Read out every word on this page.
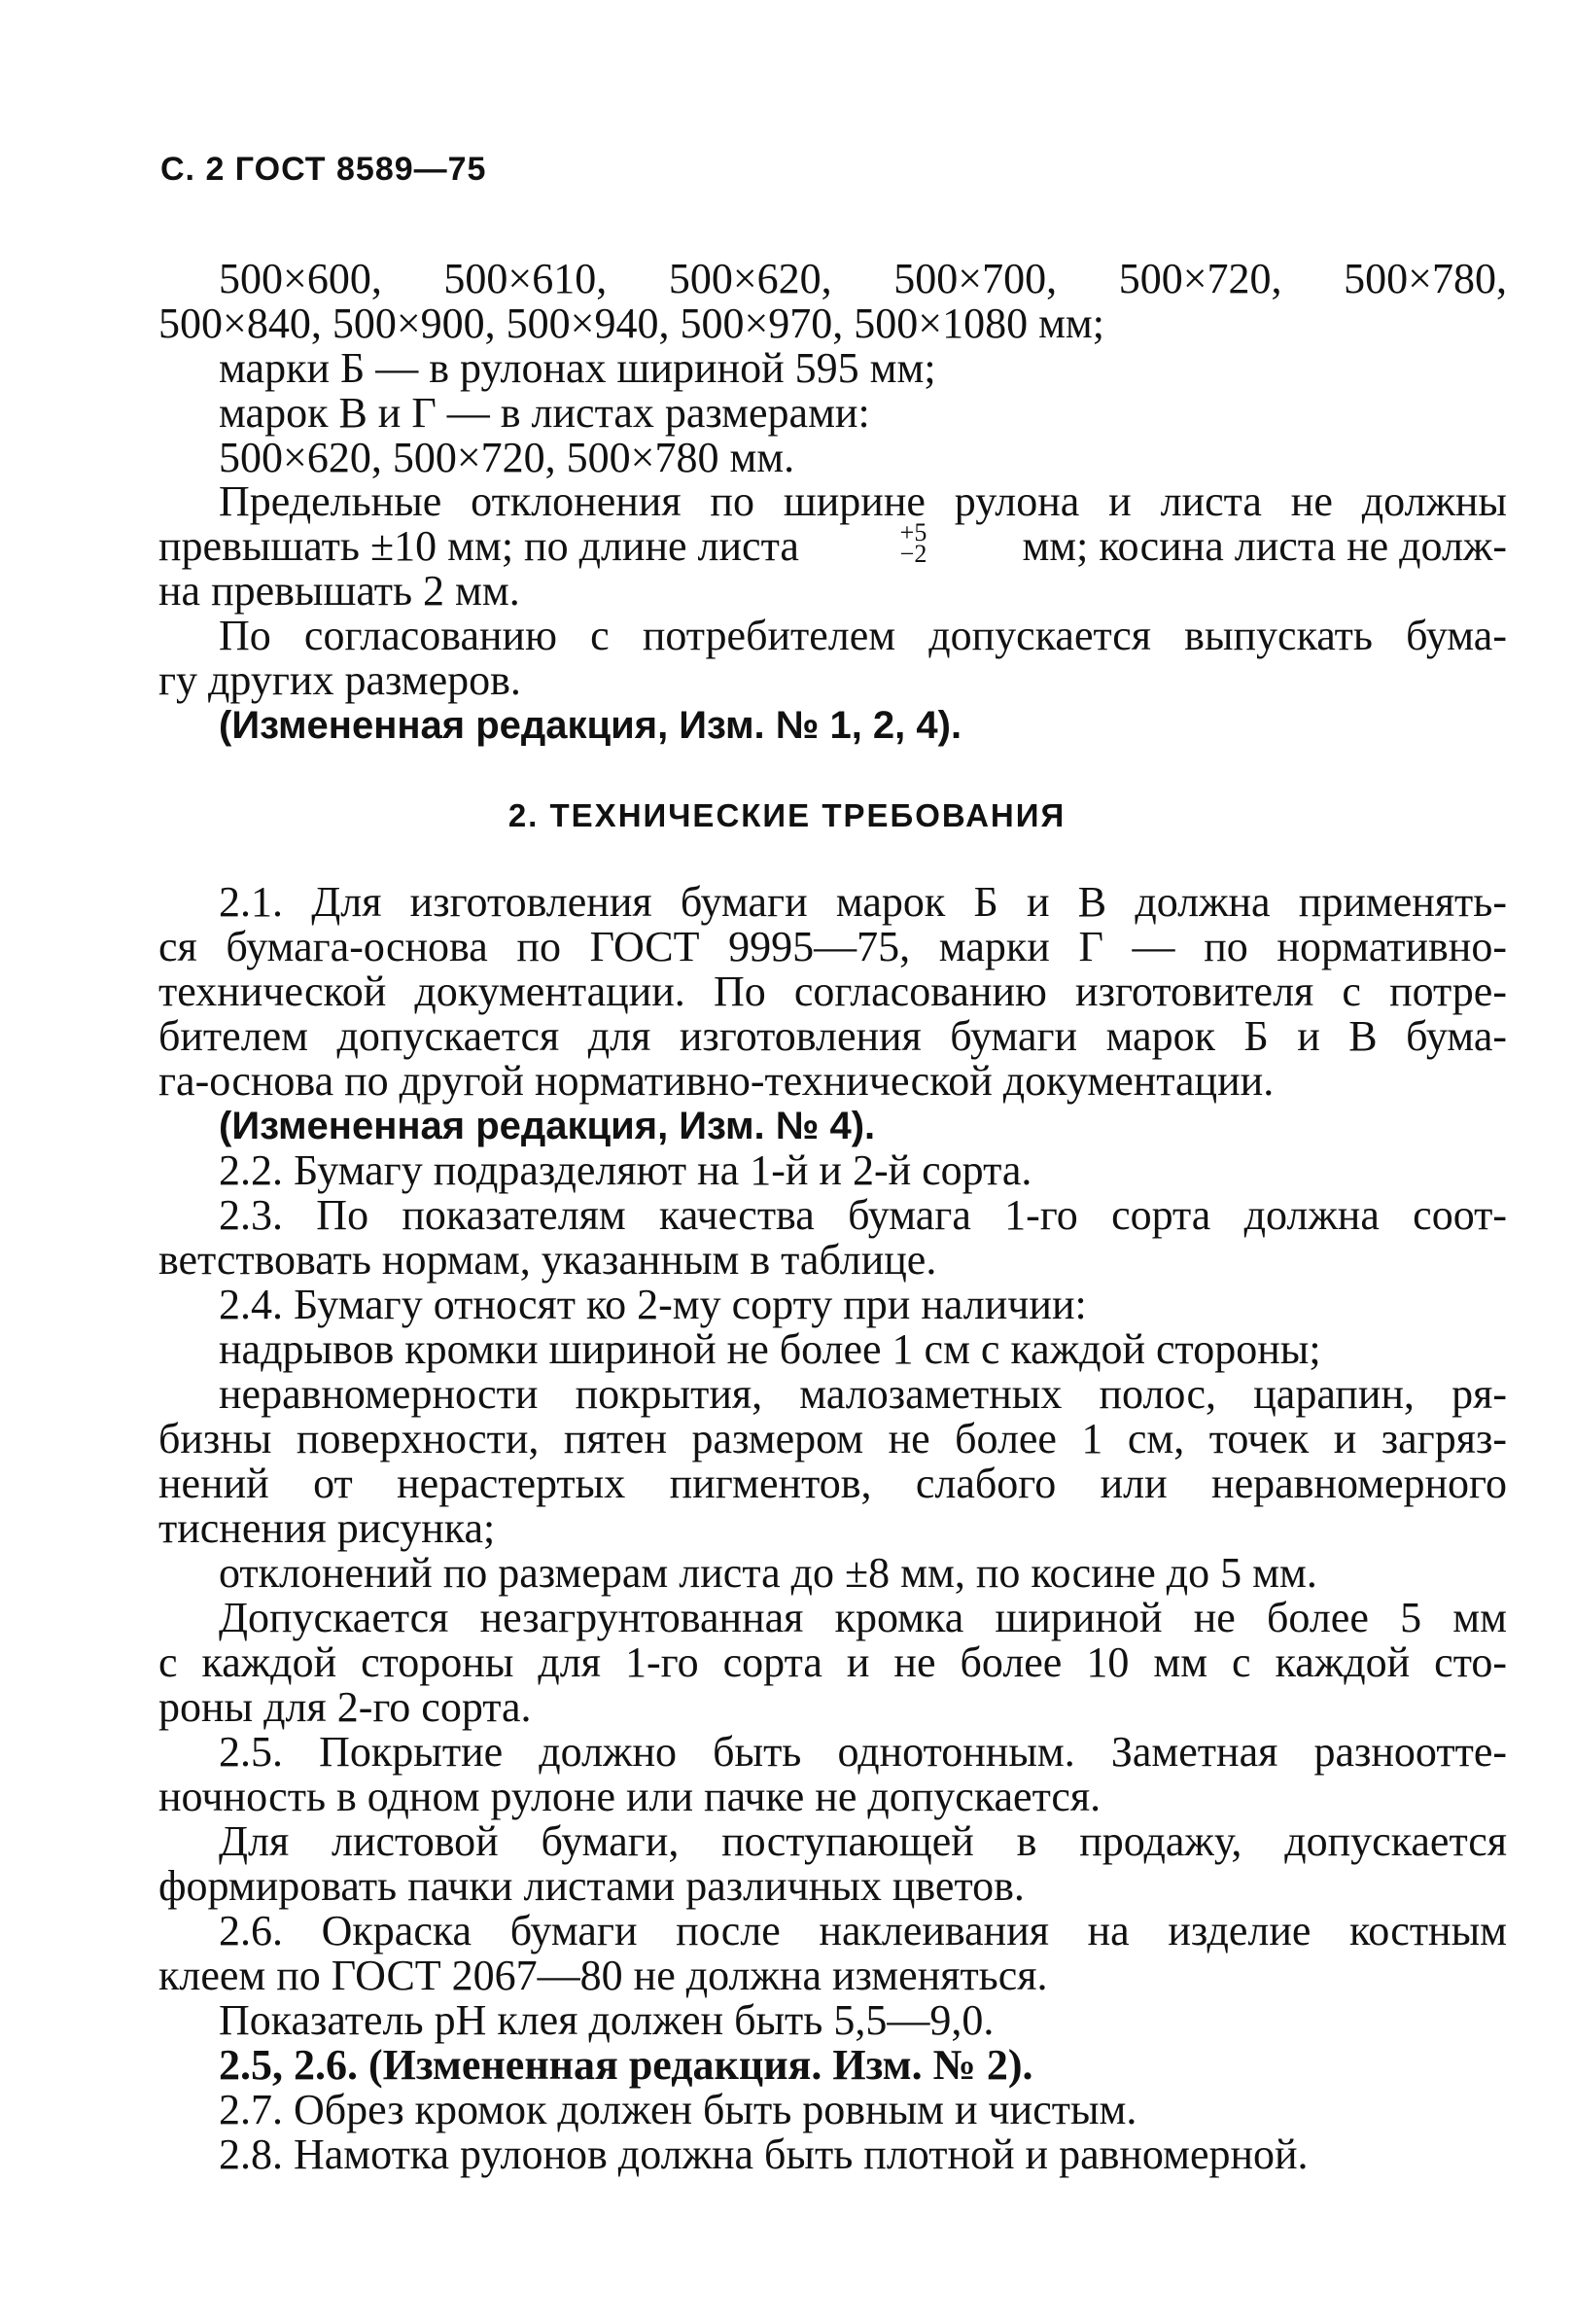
С. 2 ГОСТ 8589—75
500×600, 500×610, 500×620, 500×700, 500×720, 500×780,
500×840, 500×900, 500×940, 500×970, 500×1080 мм;
марки Б — в рулонах шириной 595 мм;
марок В и Г — в листах размерами:
500×620, 500×720, 500×780 мм.
Предельные отклонения по ширине рулона и листа не должны
превышать ±10 мм; по длине листа	+5
−2 мм; косина листа не долж-
на превышать 2 мм.
По согласованию с потребителем допускается выпускать бума-
гу других размеров.
(Измененная редакция, Изм. № 1, 2, 4).
2. ТЕХНИЧЕСКИЕ ТРЕБОВАНИЯ
2.1. Для изготовления бумаги марок Б и В должна применять-
ся бумага-основа по ГОСТ 9995—75, марки Г — по нормативно-
технической документации. По согласованию изготовителя с потре-
бителем допускается для изготовления бумаги марок Б и В бума-
га-основа по другой нормативно-технической документации.
(Измененная редакция, Изм. № 4).
2.2. Бумагу подразделяют на 1-й и 2-й сорта.
2.3. По показателям качества бумага 1-го сорта должна соот-
ветствовать нормам, указанным в таблице.
2.4. Бумагу относят ко 2-му сорту при наличии:
надрывов кромки шириной не более 1 см с каждой стороны;
неравномерности покрытия, малозаметных полос, царапин, ря-
бизны поверхности, пятен размером не более 1 см, точек и загряз-
нений от нерастертых пигментов, слабого или неравномерного
тиснения рисунка;
отклонений по размерам листа до ±8 мм, по косине до 5 мм.
Допускается незагрунтованная кромка шириной не более 5 мм
с каждой стороны для 1-го сорта и не более 10 мм с каждой сто-
роны для 2-го сорта.
2.5. Покрытие должно быть однотонным. Заметная разноотте-
ночность в одном рулоне или пачке не допускается.
Для листовой бумаги, поступающей в продажу, допускается
формировать пачки листами различных цветов.
2.6. Окраска бумаги после наклеивания на изделие костным
клеем по ГОСТ 2067—80 не должна изменяться.
Показатель pH клея должен быть 5,5—9,0.
2.5, 2.6. (Измененная редакция. Изм. № 2).
2.7. Обрез кромок должен быть ровным и чистым.
2.8. Намотка рулонов должна быть плотной и равномерной.
